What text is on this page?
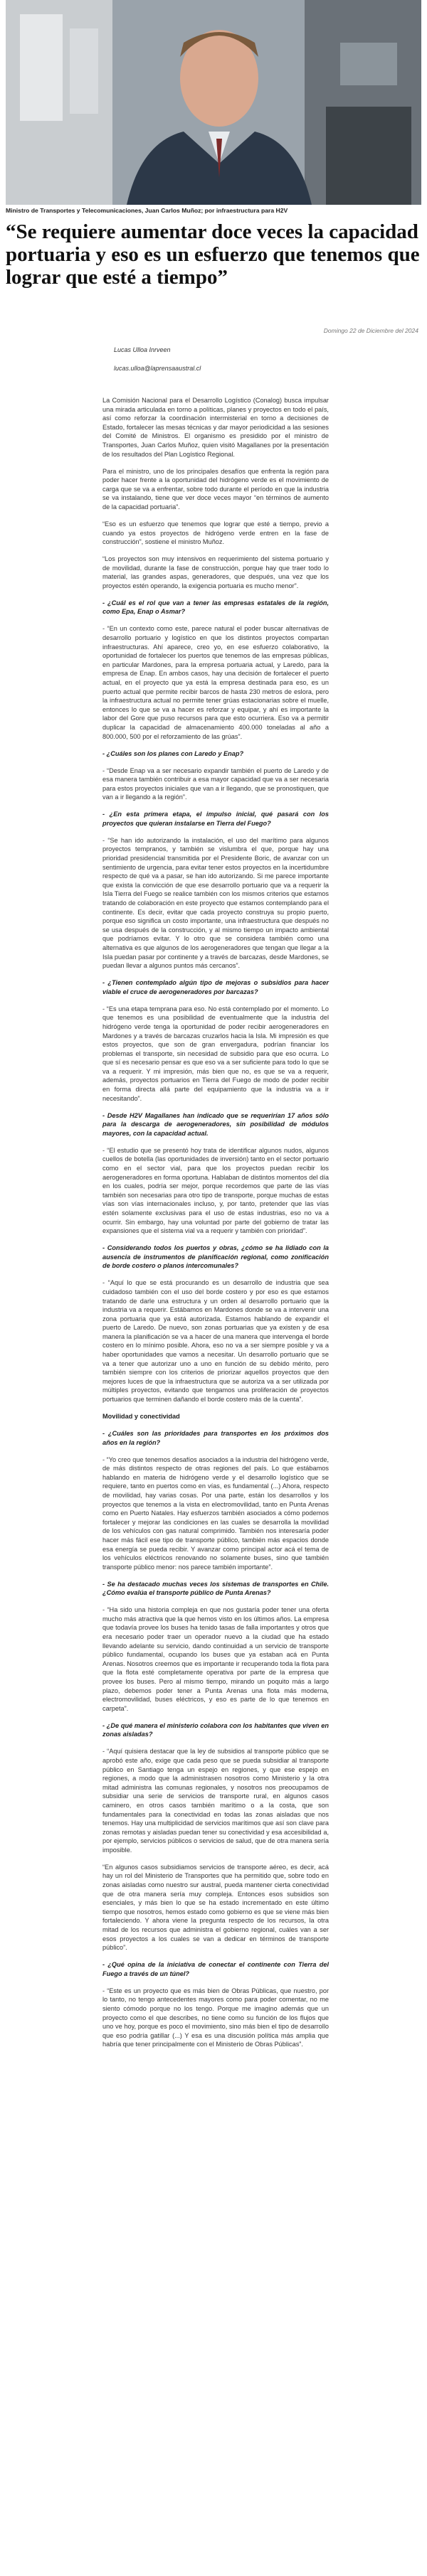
Ministro de Transportes y Telecomunicaciones, Juan Carlos Muñoz; por infraestructura para H2V
“Se requiere aumentar doce veces la capacidad portuaria y eso es un esfuerzo que tenemos que lograr que esté a tiempo”
Domingo 22 de Diciembre del 2024
Lucas Ulloa Inrveen
lucas.ulloa@laprensaaustral.cl

La Comisión Nacional para el Desarrollo Logístico (Conalog) busca impulsar una mirada articulada en torno a políticas, planes y proyectos en todo el país, así como reforzar la coordinación intermisterial en torno a decisiones de Estado, fortalecer las mesas técnicas y dar mayor periodicidad a las sesiones del Comité de Ministros. El organismo es presidido por el ministro de Transportes, Juan Carlos Muñoz, quien visitó Magallanes por la presentación de los resultados del Plan Logístico Regional.

Para el ministro, uno de los principales desafíos que enfrenta la región para poder hacer frente a la oportunidad del hidrógeno verde es el movimiento de carga que se va a enfrentar, sobre todo durante el período en que la industria se va instalando, tiene que ver doce veces mayor “en términos de aumento de la capacidad portuaria”.

“Eso es un esfuerzo que tenemos que lograr que esté a tiempo, previo a cuando ya estos proyectos de hidrógeno verde entren en la fase de construcción”, sostiene el ministro Muñoz.

“Los proyectos son muy intensivos en requerimiento del sistema portuario y de movilidad, durante la fase de construcción, porque hay que traer todo lo material, las grandes aspas, generadores, que después, una vez que los proyectos estén operando, la exigencia portuaria es mucho menor”.

- ¿Cuál es el rol que van a tener las empresas estatales de la región, como Epa, Enap o Asmar?

- “En un contexto como este, parece natural el poder buscar alternativas de desarrollo portuario y logístico en que los distintos proyectos compartan infraestructuras. Ahí aparece, creo yo, en ese esfuerzo colaborativo, la oportunidad de fortalecer los puertos que tenemos de las empresas públicas, en particular Mardones, para la empresa portuaria actual, y Laredo, para la empresa de Enap. En ambos casos, hay una decisión de fortalecer el puerto actual, en el proyecto que ya está la empresa destinada para eso, es un puerto actual que permite recibir barcos de hasta 230 metros de eslora, pero la infraestructura actual no permite tener grúas estacionarias sobre el muelle, entonces lo que se va a hacer es reforzar y equipar, y ahí es importante la labor del Gore que puso recursos para que esto ocurriera. Eso va a permitir duplicar la capacidad de almacenamiento 400.000 toneladas al año a 800.000, 500 por el reforzamiento de las grúas”.

- ¿Cuáles son los planes con Laredo y Enap?

- “Desde Enap va a ser necesario expandir también el puerto de Laredo y de esa manera también contribuir a esa mayor capacidad que va a ser necesaria para estos proyectos iniciales que van a ir llegando, que se pronostiquen, que van a ir llegando a la región”.

- ¿En esta primera etapa, el impulso inicial, qué pasará con los proyectos que quieran instalarse en Tierra del Fuego?

- “Se han ido autorizando la instalación, el uso del marítimo para algunos proyectos tempranos, y también se vislumbra el que, porque hay una prioridad presidencial transmitida por el Presidente Boric, de avanzar con un sentimiento de urgencia, para evitar tener estos proyectos en la incertidumbre respecto de qué va a pasar, se han ido autorizando. Si me parece importante que exista la convicción de que ese desarrollo portuario que va a requerir la Isla Tierra del Fuego se realice también con los mismos criterios que estamos tratando de colaboración en este proyecto que estamos contemplando para el continente. Es decir, evitar que cada proyecto construya su propio puerto, porque eso significa un costo importante, una infraestructura que después no se usa después de la construcción, y al mismo tiempo un impacto ambiental que podríamos evitar. Y lo otro que se considera también como una alternativa es que algunos de los aerogeneradores que tengan que llegar a la Isla puedan pasar por continente y a través de barcazas, desde Mardones, se puedan llevar a algunos puntos más cercanos”.

- ¿Tienen contemplado algún tipo de mejoras o subsidios para hacer viable el cruce de aerogeneradores por barcazas?

- “Es una etapa temprana para eso. No está contemplado por el momento. Lo que tenemos es una posibilidad de eventualmente que la industria del hidrógeno verde tenga la oportunidad de poder recibir aerogeneradores en Mardones y a través de barcazas cruzarlos hacia la Isla. Mi impresión es que estos proyectos, que son de gran envergadura, podrían financiar los problemas el transporte, sin necesidad de subsidio para que eso ocurra. Lo que sí es necesario pensar es que eso va a ser suficiente para todo lo que se va a requerir. Y mi impresión, más bien que no, es que se va a requerir, además, proyectos portuarios en Tierra del Fuego de modo de poder recibir en forma directa allá parte del equipamiento que la industria va a ir necesitando”.

- Desde H2V Magallanes han indicado que se requerirían 17 años sólo para la descarga de aerogeneradores, sin posibilidad de módulos mayores, con la capacidad actual.

- “El estudio que se presentó hoy trata de identificar algunos nudos, algunos cuellos de botella (las oportunidades de inversión) tanto en el sector portuario como en el sector vial, para que los proyectos puedan recibir los aerogeneradores en forma oportuna. Hablaban de distintos momentos del día en los cuales, podría ser mejor, porque recordemos que parte de las vías también son necesarias para otro tipo de transporte, porque muchas de estas vías son vías internacionales incluso, y, por tanto, pretender que las vías estén solamente exclusivas para el uso de estas industrias, eso no va a ocurrir. Sin embargo, hay una voluntad por parte del gobierno de tratar las expansiones que el sistema vial va a requerir y también con prioridad”.

- Considerando todos los puertos y obras, ¿cómo se ha lidiado con la ausencia de instrumentos de planificación regional, como zonificación de borde costero o planos intercomunales?

- “Aquí lo que se está procurando es un desarrollo de industria que sea cuidadoso también con el uso del borde costero y por eso es que estamos tratando de darle una estructura y un orden al desarrollo portuario que la industria va a requerir. Estábamos en Mardones donde se va a intervenir una zona portuaria que ya está autorizada. Estamos hablando de expandir el puerto de Laredo. De nuevo, son zonas portuarias que ya existen y de esa manera la planificación se va a hacer de una manera que intervenga el borde costero en lo mínimo posible. Ahora, eso no va a ser siempre posible y va a haber oportunidades que vamos a necesitar. Un desarrollo portuario que se va a tener que autorizar uno a uno en función de su debido mérito, pero también siempre con los criterios de priorizar aquellos proyectos que den mejores luces de que la infraestructura que se autoriza va a ser utilizada por múltiples proyectos, evitando que tengamos una proliferación de proyectos portuarios que terminen dañando el borde costero más de la cuenta”.

Movilidad y conectividad

- ¿Cuáles son las prioridades para transportes en los próximos dos años en la región?

- “Yo creo que tenemos desafíos asociados a la industria del hidrógeno verde, de más distintos respecto de otras regiones del país. Lo que estábamos hablando en materia de hidrógeno verde y el desarrollo logístico que se requiere, tanto en puertos como en vías, es fundamental (...) Ahora, respecto de movilidad, hay varias cosas. Por una parte, están los desarrollos y los proyectos que tenemos a la vista en electromovilidad, tanto en Punta Arenas como en Puerto Natales. Hay esfuerzos también asociados a cómo podemos fortalecer y mejorar las condiciones en las cuales se desarrolla la movilidad de los vehículos con gas natural comprimido. También nos interesaría poder hacer más fácil ese tipo de transporte público, también más espacios donde esa energía se pueda recibir. Y avanzar como principal actor acá el tema de los vehículos eléctricos renovando no solamente buses, sino que también transporte público menor: nos parece también importante”.

- Se ha destacado muchas veces los sistemas de transportes en Chile. ¿Cómo evalúa el transporte público de Punta Arenas?

- “Ha sido una historia compleja en que nos gustaría poder tener una oferta mucho más atractiva que la que hemos visto en los últimos años. La empresa que todavía provee los buses ha tenido tasas de falla importantes y otros que era necesario poder traer un operador nuevo a la ciudad que ha estado llevando adelante su servicio, dando continuidad a un servicio de transporte público fundamental, ocupando los buses que ya estaban acá en Punta Arenas. Nosotros creemos que es importante ir recuperando toda la flota para que la flota esté completamente operativa por parte de la empresa que provee los buses. Pero al mismo tiempo, mirando un poquito más a largo plazo, debemos poder tener a Punta Arenas una flota más moderna, electromovilidad, buses eléctricos, y eso es parte de lo que tenemos en carpeta”.

- ¿De qué manera el ministerio colabora con los habitantes que viven en zonas aisladas?

- “Aquí quisiera destacar que la ley de subsidios al transporte público que se aprobó este año, exige que cada peso que se pueda subsidiar al transporte público en Santiago tenga un espejo en regiones, y que ese espejo en regiones, a modo que la administrasen nosotros como Ministerio y la otra mitad administra las comunas regionales, y nosotros nos preocupamos de subsidiar una serie de servicios de transporte rural, en algunos casos caminero, en otros casos también marítimo o a la costa, que son fundamentales para la conectividad en todas las zonas aisladas que nos tenemos. Hay una multiplicidad de servicios marítimos que así son clave para zonas remotas y aisladas puedan tener su conectividad y esa accesibilidad a, por ejemplo, servicios públicos o servicios de salud, que de otra manera sería imposible.

“En algunos casos subsidiamos servicios de transporte aéreo, es decir, acá hay un rol del Ministerio de Transportes que ha permitido que, sobre todo en zonas aisladas como nuestro sur austral, pueda mantener cierta conectividad que de otra manera sería muy compleja. Entonces esos subsidios son esenciales, y más bien lo que se ha estado incrementado en este último tiempo que nosotros, hemos estado como gobierno es que se viene más bien fortaleciendo. Y ahora viene la pregunta respecto de los recursos, la otra mitad de los recursos que administra el gobierno regional, cuáles van a ser esos proyectos a los cuales se van a dedicar en términos de transporte público”.

- ¿Qué opina de la iniciativa de conectar el continente con Tierra del Fuego a través de un túnel?

- “Este es un proyecto que es más bien de Obras Públicas, que nuestro, por lo tanto, no tengo antecedentes mayores como para poder comentar, no me siento cómodo porque no los tengo. Porque me imagino además que un proyecto como el que describes, no tiene como su función de los flujos que uno ve hoy, porque es poco el movimiento, sino más bien el tipo de desarrollo que eso podría gatillar (...) Y esa es una discusión política más amplia que habría que tener principalmente con el Ministerio de Obras Públicas”.
